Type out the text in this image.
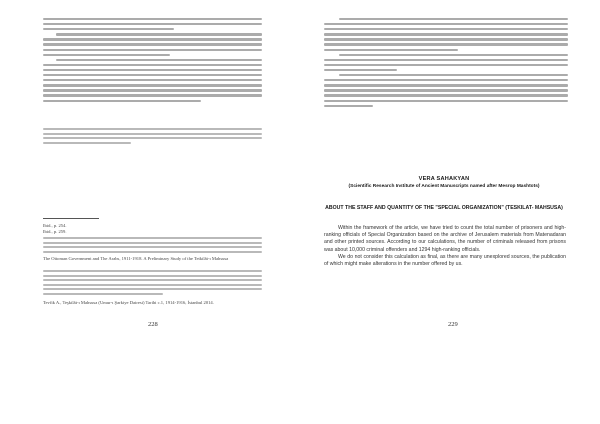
Ibid., p. 254.
Ibid., p. 259.
The Ottoman Government and The Arabs, 1911-1918. A Preliminary Study of the Tetkilât-ı Mahsusa
Tevfik A., Teşkilât-ı Mahsusa (Umur-ı Şarkiye Dairesi) Tarihi c.1, 1914-1916, İstanbul 2014.
228	229
VERA SAHAKYAN
(Scientific Research Institute of Ancient Manuscripts named after Mesrop Mashtots)
ABOUT THE STAFF AND QUANTITY OF THE "SPECIAL ORGANIZATION" (TESKILAT- MAHSUSA)

Within the framework of the article, we have tried to count the total number of prisoners and high-ranking officials of Special Organization based on the archive of Jerusalem materials from Matenadaran and other printed sources. According to our calculations, the number of criminals released from prisons was about 10,000 criminal offenders and 1294 high-ranking officials.

We do not consider this calculation as final, as there are many unexplored sources, the publication of which might make alterations in the number offered by us.
